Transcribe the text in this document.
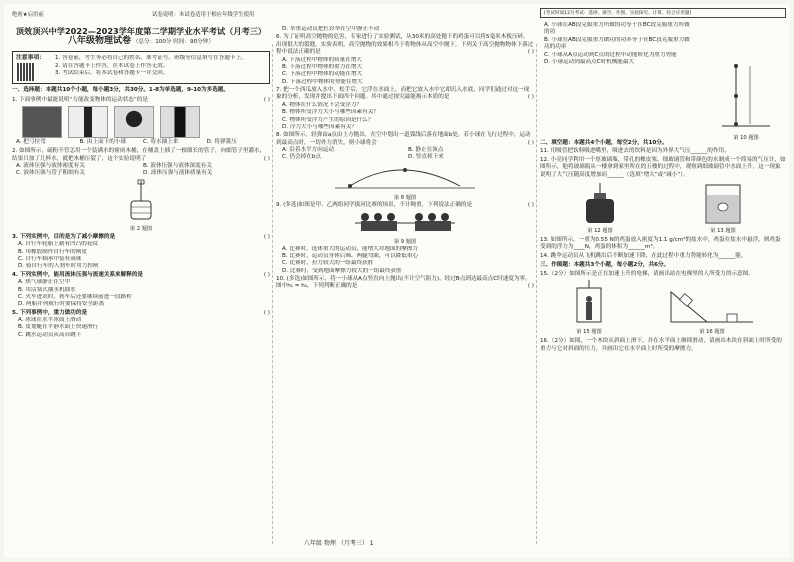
绝密★启用前	试卷说明：本试卷适用于相应年级学生使用	[考试时间12月考试：选择、填空、作图、实验探究、计算、综合应用题]
顶效顶兴中学2022—2023学年度第二学期学业水平考试（月考三）
八年级物理试卷 （总分：100分 时间：90分钟）
注意事项： 1. 答卷前，考生务必将自己的姓名、准考证号、班级等信息填写在答题卡上。
2. 请在答题卡上作答，在本试卷上作答无效。
3. 考试结束后，将本试卷和答题卡一并交回。
一、选择题：本题共10个小题，每小题3分，共30分。1-8为单选题，9-10为多选题。
1. 下面事例中最能说明“力能改变物体的运动状态”的是	( )
A. 把弓拉弯	B. 由上而下的小球	C. 将水抽上来	D. 将弹簧压
2. 如图所示，硫粉不管怎用一个装满水的密闭木桶，在桶盖上插了一根细长的管子，向细管子里灌水，结果只加了几杯水，就把木桶压裂了，这个实验说明了	( )
A. 液体压强与液体密度有关	B. 液体压强与液体深度有关
C. 液体压强与管子粗细有关	D. 液体压强与液体质量有关
第 2 题图
3. 下列实例中，目的是为了减小摩擦的是	( )
A. 自行车轮胎上制有凹凸的花纹
B. 用橡胶制作自行车的闸皮
C. 自行车轴承中装有滚珠
D. 骑自行车的人刹车时用力捏闸
4. 下列实例中，能用流体压强与流速关系来解释的是	( )
A. 热气球静止在空中
B. 用活塞式抽水机抽水
C. 火车进站时，刹车后还要继续前进一段路程
D. 两船并列航行时要保持安全距离
5. 下列事例中，重力做功的是	( )
A. 冰球在水平冰面上滑动
B. 皮划艇在平静水面上快速滑行
C. 跳水运动员从高台跳下
D. 举重运动员把杠铃举在空中静止不动
6. 为了证明高空抛物的危害，专家进行了实验测试，从30米的高处抛下的鸡蛋可以将5毫米木板压碎，出现很大的裂缝。实验表明，高空抛物的效果相当于将物体从高空中抛下。下列关于高空抛物物体下落过程中说法正确的是	( )
A. 下落过程中物体的质量在增大
B. 下落过程中物体的重力在增大
C. 下落过程中物体的动能在增大
D. 下落过程中物体的势能在增大
7. 把一个西瓜放入水中，松手后，它浮在水面上，而把它放入水中它却沉入水底，同学们通过对这一现象的分析，发现并提出下面四个问题。其中通过探究最能揭示本质的是	( )
A. 物体在什么情况下会受浮力？
B. 物体所受浮力大小与哪些因素有关？
C. 物体所受浮力产生的原因是什么？
D. 浮力大小与哪些因素有关？
8. 如图所示，轻弹由a点由上方抛出，在空中划出一道弧线后落在地面b处。若小球在飞行过程中，运动到最高点时，一切外力消失，则小球将会	( )
A. 沿着水平方向运动	B. 静止在该点
C. 仍会掉在b点	D. 竖直掉下来
第 8 题图
9. (多选)如图是甲、乙两组同学拔河比赛的场景，不计绳重，下列说法正确的是	( )
第 9 题图
A. 比赛时，选体重大的运动员，能增大对地面的摩擦力
B. 比赛时，运动员身体后倾、两腿弯曲，可以降低重心
C. 比赛时，拉力较大的一组最终获胜
D. 比赛时，受到地面摩擦力较大的一组最终获胜
10. (多选)如图所示，将一小球从A点竖直向上抛出(不计空气阻力)，经过B点到达最高点C时速度为零，图中h₁ = h₂，下列判断正确的是	( )
A. 小球在AB段克服重力所做的功等于在BC段克服重力所做的功
B. 小球在AB段克服重力做功的功率等于在BC段克服重力做功的功率
C. 小球从A点运动到C点的过程中动能转化为重力势能
D. 小球运动到最高点C时机械能最大
第 10 题图
二、填空题：本题共4个小题，每空2分，共10分。
11. 用吸管把饮料吸进嘴里，吸进去的饮料是因为外界大气压______的作用。
12. 小亮同学利用一个厚玻璃瓶、带孔的橡皮塞、细玻璃管和带颜色的水制成一个简易的气压计，如图所示，他将玻璃瓶从一楼拿到家里所在的五楼的过程中，观察到细玻璃管中水面上升，这一现象说明了大气压随高度增加而______（选填“增大”或“减小”）。
第 12 题图	第 13 题图
13. 如图所示，一重为0.55 N的鸡蛋放入密度为1.1 g/cm³的盐水中，鸡蛋在盐水中悬浮，则鸡蛋受到的浮力为____N，鸡蛋的体积为______m³。
14. 跳伞运动员从飞机跳出后不断加速下降，在此过程中重力势能转化为______能。
三、作图题：本题共3个小题，每小题2分，共6分。
15.（2分）如图所示是正在加速上升的电梯，请画出站在电梯里的人所受力的示意图。
第 15 题图	第 16 题图
16.（2分）如图，一个木块从斜面上滑下，并在水平面上继续滑动，请画出木块在斜面上时所受的重力与它对斜面的压力，并画出它在水平面上时所受的摩擦力。
八年级 物理 （月考三） 1
